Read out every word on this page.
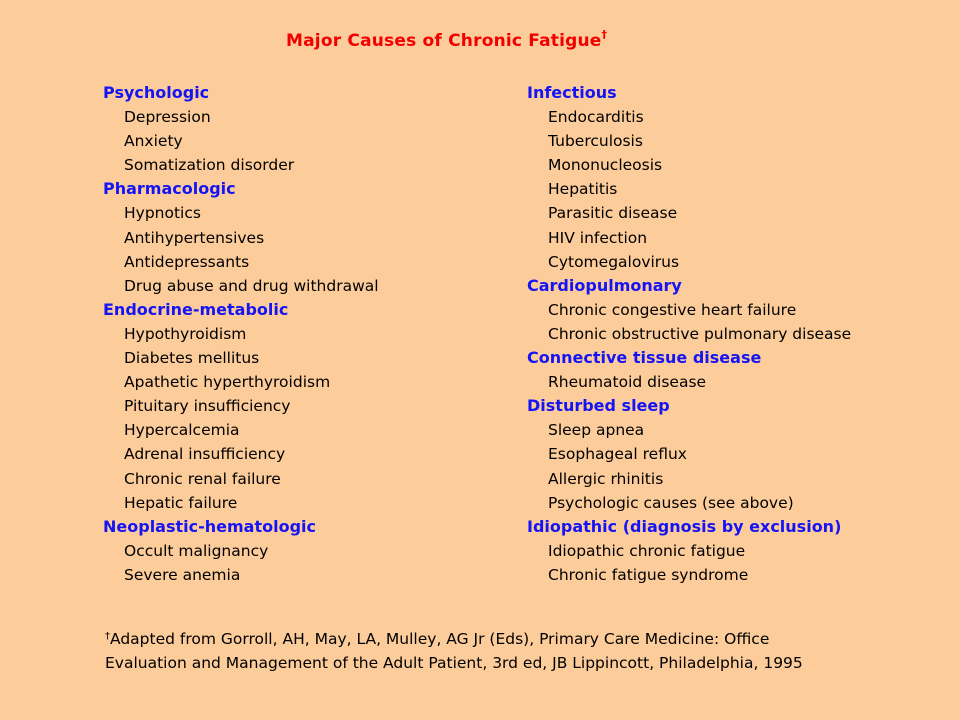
Major Causes of Chronic Fatigue†
Psychologic
Depression
Anxiety
Somatization disorder
Pharmacologic
Hypnotics
Antihypertensives
Antidepressants
Drug abuse and drug withdrawal
Endocrine-metabolic
Hypothyroidism
Diabetes mellitus
Apathetic hyperthyroidism
Pituitary insufficiency
Hypercalcemia
Adrenal insufficiency
Chronic renal failure
Hepatic failure
Neoplastic-hematologic
Occult malignancy
Severe anemia
Infectious
Endocarditis
Tuberculosis
Mononucleosis
Hepatitis
Parasitic disease
HIV infection
Cytomegalovirus
Cardiopulmonary
Chronic congestive heart failure
Chronic obstructive pulmonary disease
Connective tissue disease
Rheumatoid disease
Disturbed sleep
Sleep apnea
Esophageal reflux
Allergic rhinitis
Psychologic causes (see above)
Idiopathic (diagnosis by exclusion)
Idiopathic chronic fatigue
Chronic fatigue syndrome
†Adapted from Gorroll, AH, May, LA, Mulley, AG Jr (Eds), Primary Care Medicine: Office
Evaluation and Management of the Adult Patient, 3rd ed, JB Lippincott, Philadelphia, 1995
